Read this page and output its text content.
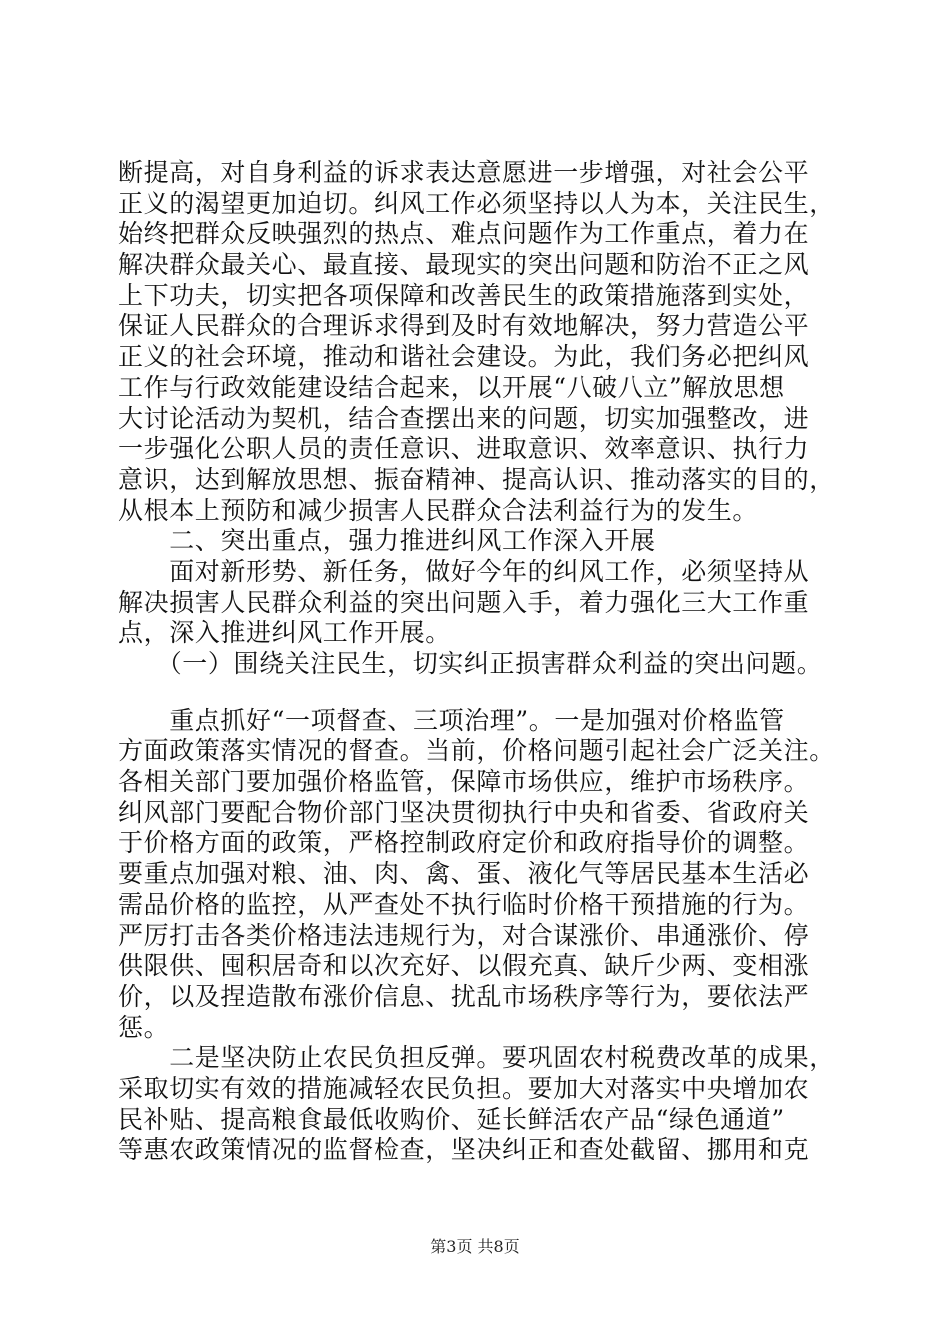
断提高，对自身利益的诉求表达意愿进一步增强，对社会公平
正义的渴望更加迫切。纠风工作必须坚持以人为本，关注民生，
始终把群众反映强烈的热点、难点问题作为工作重点，着力在
解决群众最关心、最直接、最现实的突出问题和防治不正之风
上下功夫，切实把各项保障和改善民生的政策措施落到实处，
保证人民群众的合理诉求得到及时有效地解决，努力营造公平
正义的社会环境，推动和谐社会建设。为此，我们务必把纠风
工作与行政效能建设结合起来，以开展“八破八立”解放思想
大讨论活动为契机，结合查摆出来的问题，切实加强整改，进
一步强化公职人员的责任意识、进取意识、效率意识、执行力
意识，达到解放思想、振奋精神、提高认识、推动落实的目的，
从根本上预防和减少损害人民群众合法利益行为的发生。
　　二、突出重点，强力推进纠风工作深入开展
　　面对新形势、新任务，做好今年的纠风工作，必须坚持从
解决损害人民群众利益的突出问题入手，着力强化三大工作重
点，深入推进纠风工作开展。
　　（一）围绕关注民生，切实纠正损害群众利益的突出问题。
　　重点抓好“一项督查、三项治理”。一是加强对价格监管
方面政策落实情况的督查。当前，价格问题引起社会广泛关注。
各相关部门要加强价格监管，保障市场供应，维护市场秩序。
纠风部门要配合物价部门坚决贯彻执行中央和省委、省政府关
于价格方面的政策，严格控制政府定价和政府指导价的调整。
要重点加强对粮、油、肉、禽、蛋、液化气等居民基本生活必
需品价格的监控，从严查处不执行临时价格干预措施的行为。
严厉打击各类价格违法违规行为，对合谋涨价、串通涨价、停
供限供、囤积居奇和以次充好、以假充真、缺斤少两、变相涨
价，以及捏造散布涨价信息、扰乱市场秩序等行为，要依法严
惩。
　　二是坚决防止农民负担反弹。要巩固农村税费改革的成果，
采取切实有效的措施减轻农民负担。要加大对落实中央增加农
民补贴、提高粮食最低收购价、延长鲜活农产品“绿色通道”
等惠农政策情况的监督检查，坚决纠正和查处截留、挪用和克
第3页 共8页
